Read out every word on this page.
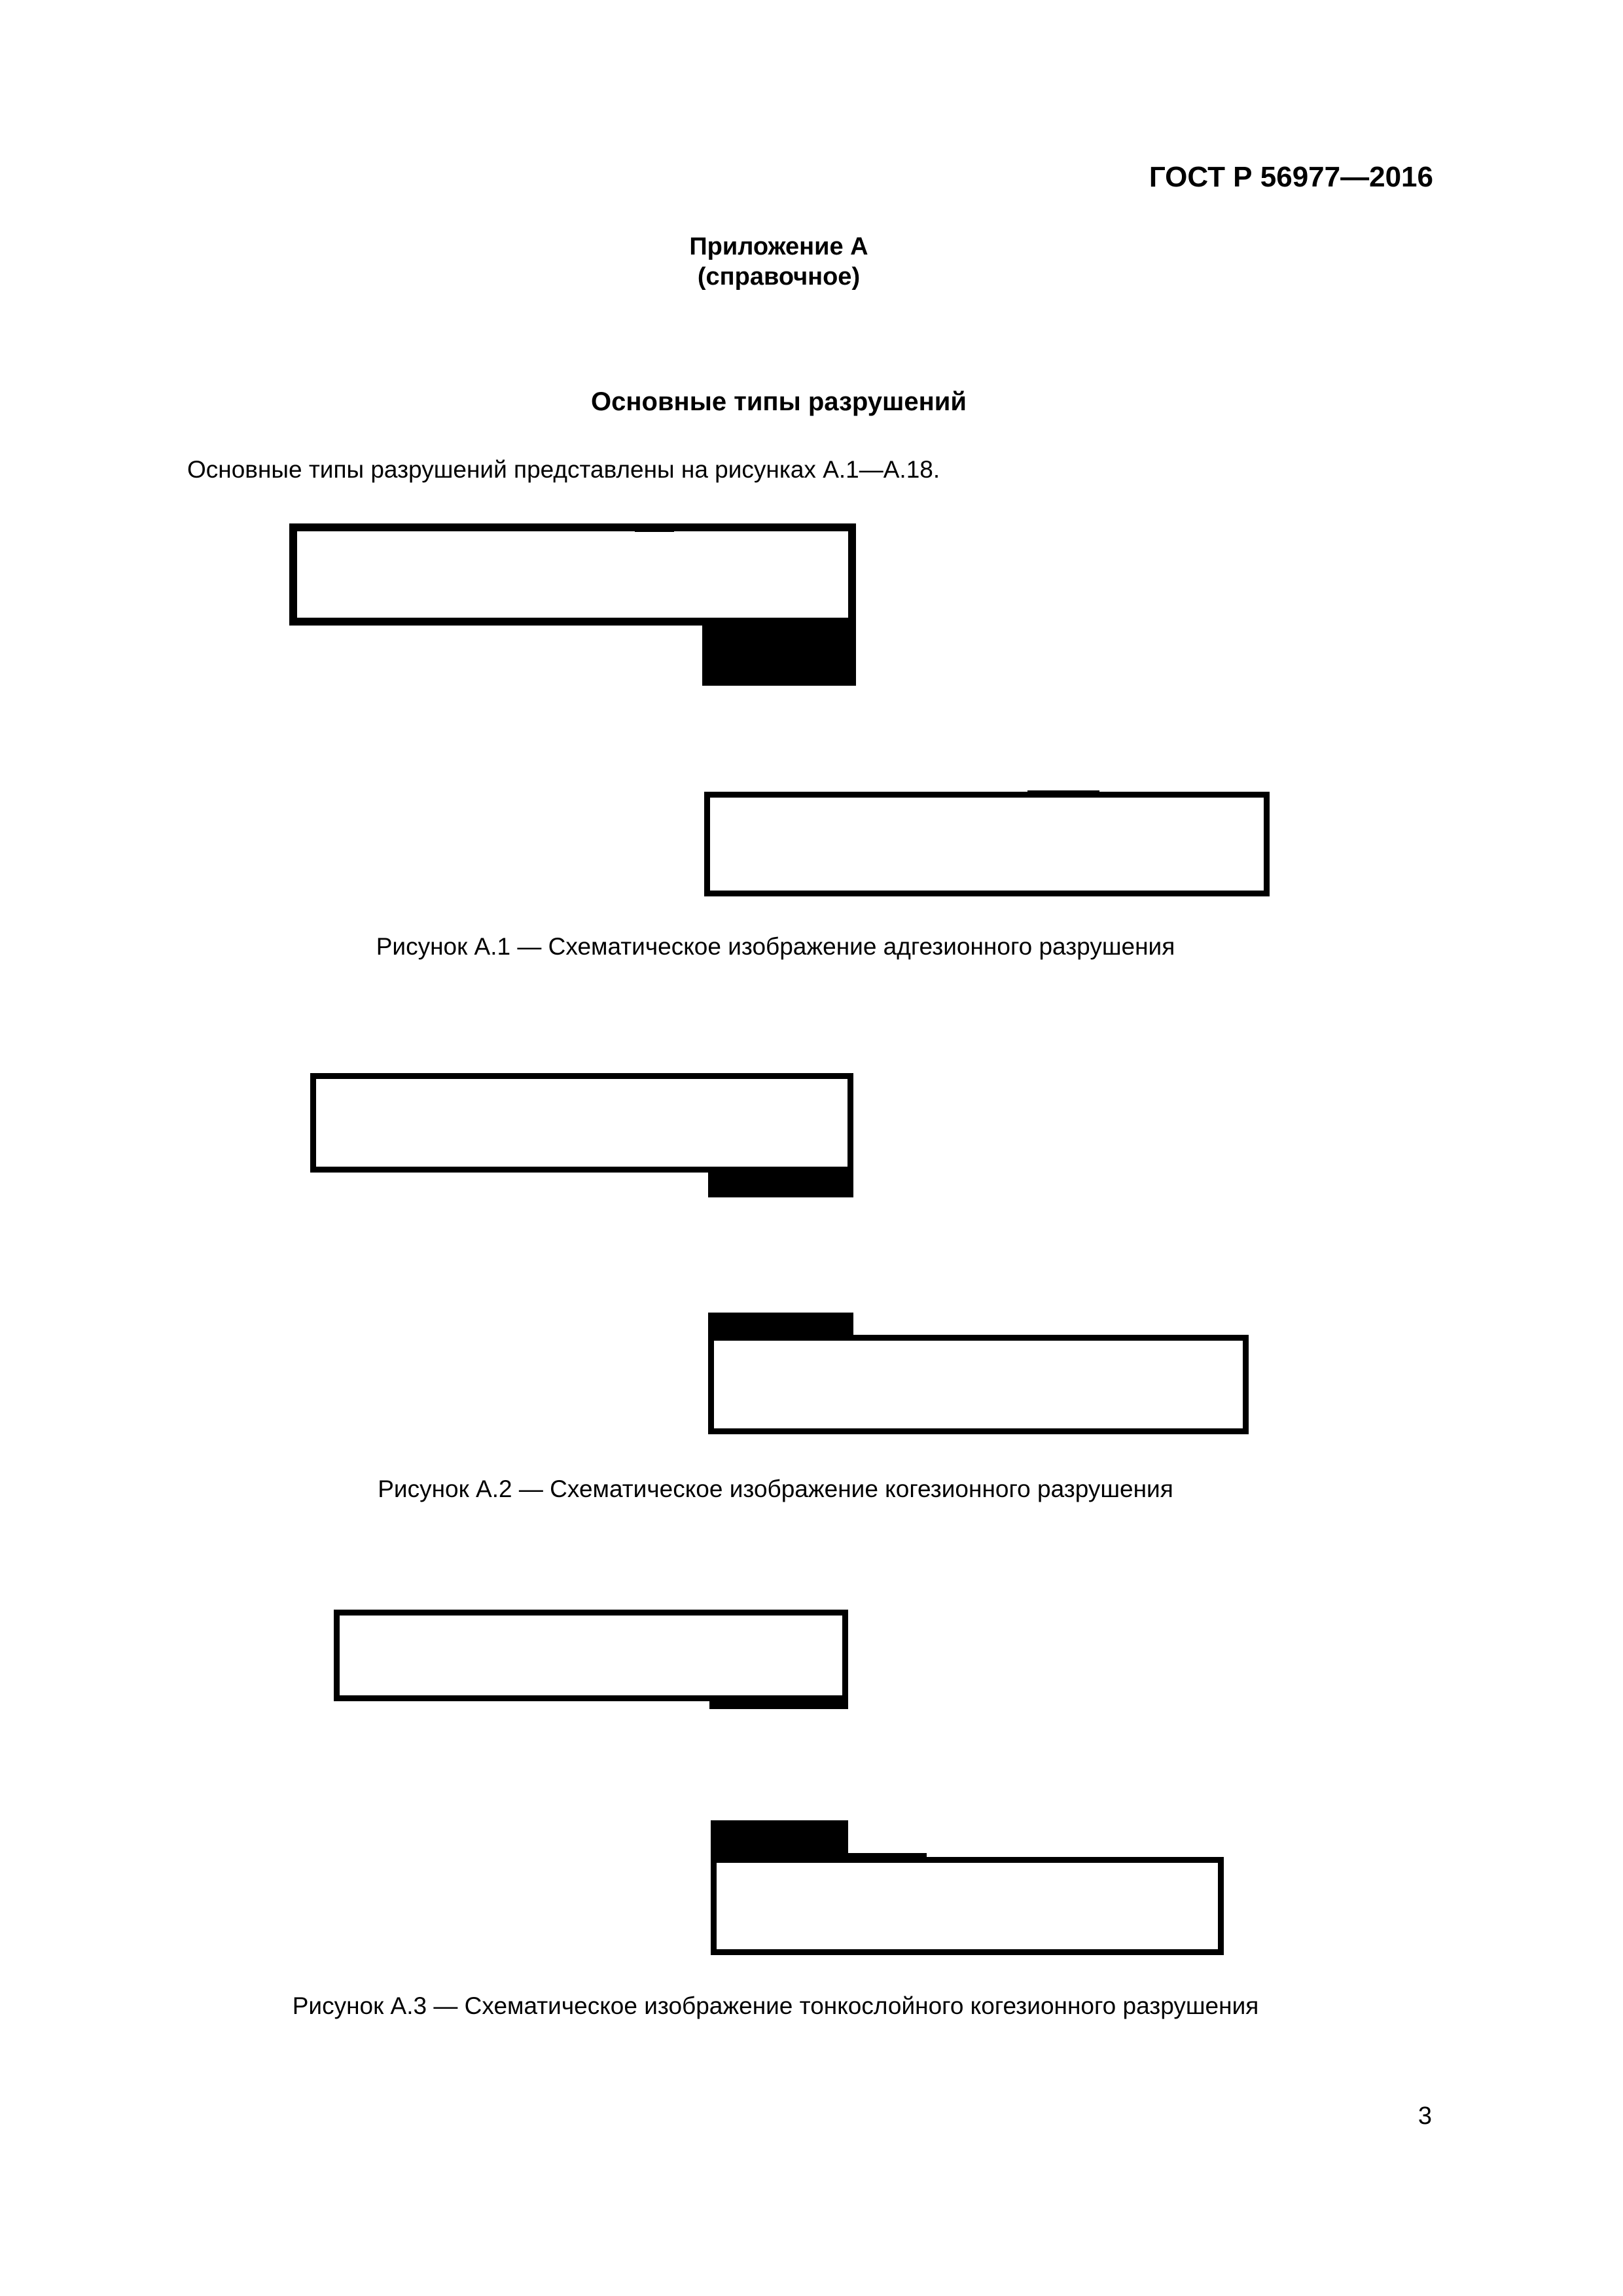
ГОСТ Р 56977—2016
Приложение А
(справочное)
Основные типы разрушений
Основные типы разрушений представлены на рисунках А.1—А.18.
Рисунок А.1 — Схематическое изображение адгезионного разрушения
Рисунок А.2 — Схематическое изображение когезионного разрушения
Рисунок А.3 — Схематическое изображение тонкослойного когезионного разрушения
3
